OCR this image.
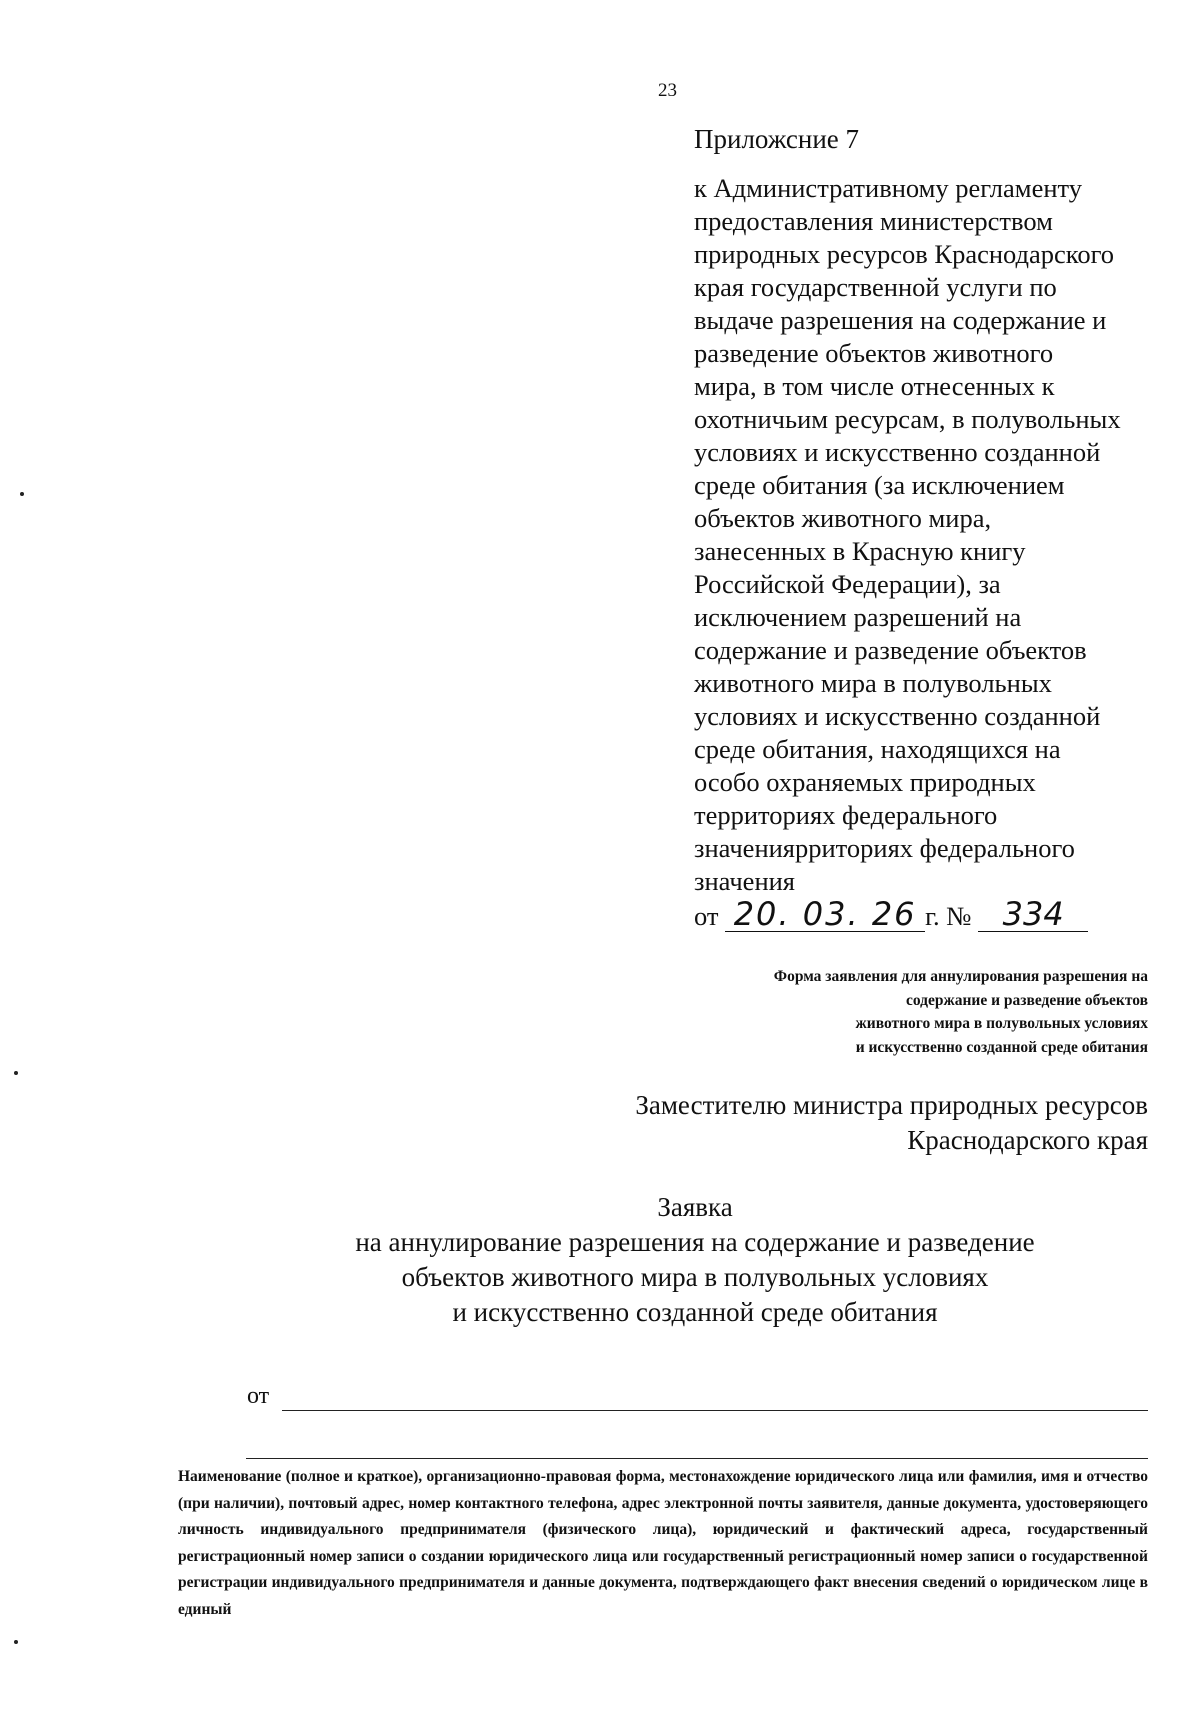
23
Приложсние 7
к Административному регламенту
предоставления министерством
природных ресурсов Краснодарского
края государственной услуги по
выдаче разрешения на содержание и
разведение объектов животного
мира, в том числе отнесенных к
охотничьим ресурсам, в полувольных
условиях и искусственно созданной
среде обитания (за исключением
объектов животного мира,
занесенных в Красную книгу
Российской Федерации), за
исключением разрешений на
содержание и разведение объектов
животного мира в полувольных
условиях и искусственно созданной
среде обитания, находящихся на
особо охраняемых природных
территориях федерального
значениярриториях федерального
значения
от 20. 03. 26 г. № 334
Форма заявления для аннулирования разрешения на
содержание и разведение объектов
животного мира в полувольных условиях
и искусственно созданной среде обитания
Заместителю министра природных ресурсов
Краснодарского края
Заявка
на аннулирование разрешения на содержание и разведение
объектов животного мира в полувольных условиях
и искусственно созданной среде обитания
от
Наименование (полное и краткое), организационно-правовая форма, местонахождение юридического лица или фамилия, имя и отчество (при наличии), почтовый адрес, номер контактного телефона, адрес электронной почты заявителя, данные документа, удостоверяющего личность индивидуального предпринимателя (физического лица), юридический и фактический адреса, государственный регистрационный номер записи о создании юридического лица или государственный регистрационный номер записи о государственной регистрации индивидуального предпринимателя и данные документа, подтверждающего факт внесения сведений о юридическом лице в единый
